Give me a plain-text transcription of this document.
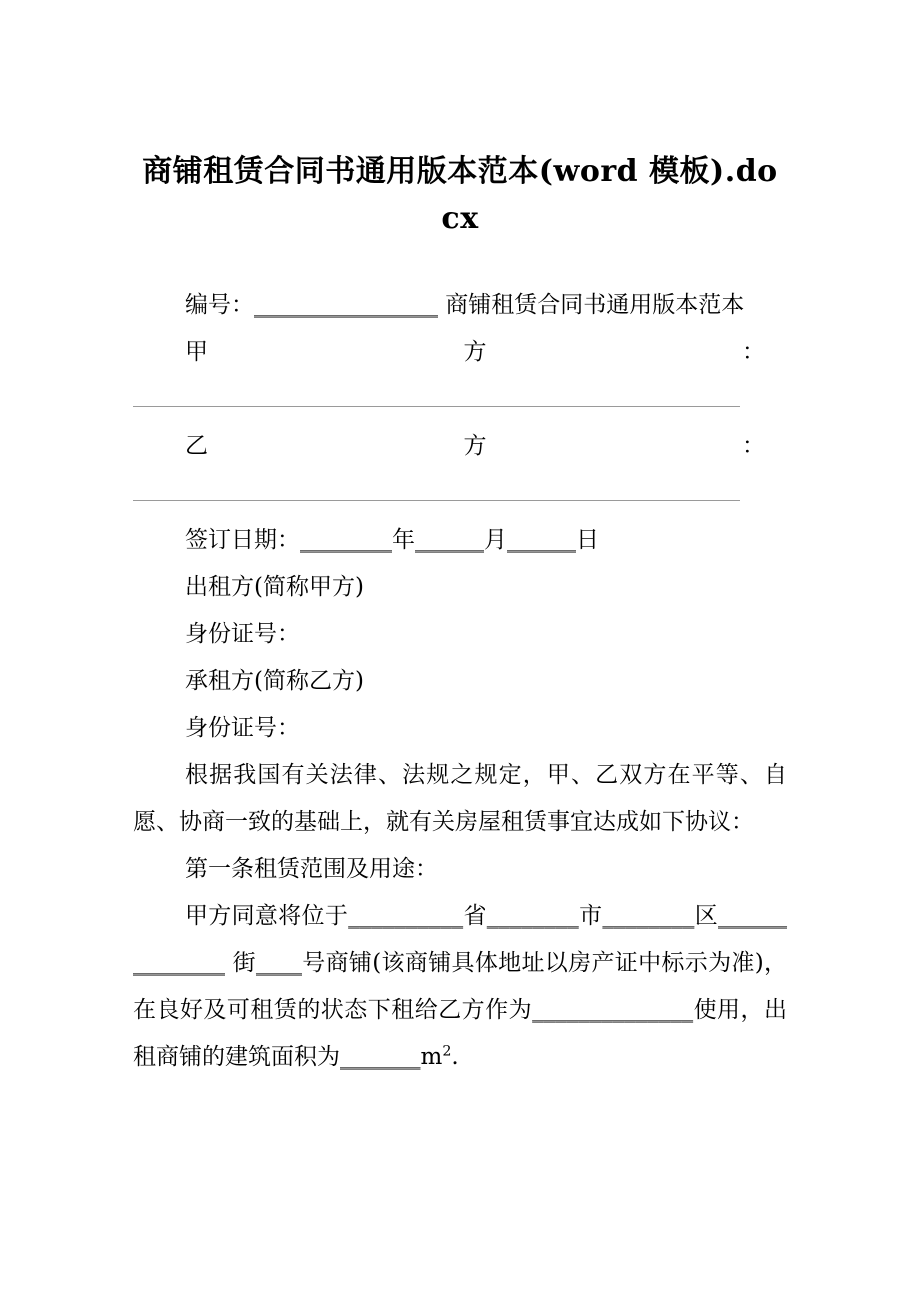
商铺租赁合同书通用版本范本(word 模板).docx

编号：________________ 商铺租赁合同书通用版本范本

甲	方	：

乙	方	：

签订日期：________年______月______日

出租方(简称甲方)

身份证号：

承租方(简称乙方)

身份证号：

根据我国有关法律、法规之规定，甲、乙双方在平等、自愿、协商一致的基础上，就有关房屋租赁事宜达成如下协议：

第一条租赁范围及用途：

甲方同意将位于__________省________市________区______________ 街____号商铺(该商铺具体地址以房产证中标示为准)，在良好及可租赁的状态下租给乙方作为______________使用，出租商铺的建筑面积为$\_\_\_\_\_\_\_m^2$.
